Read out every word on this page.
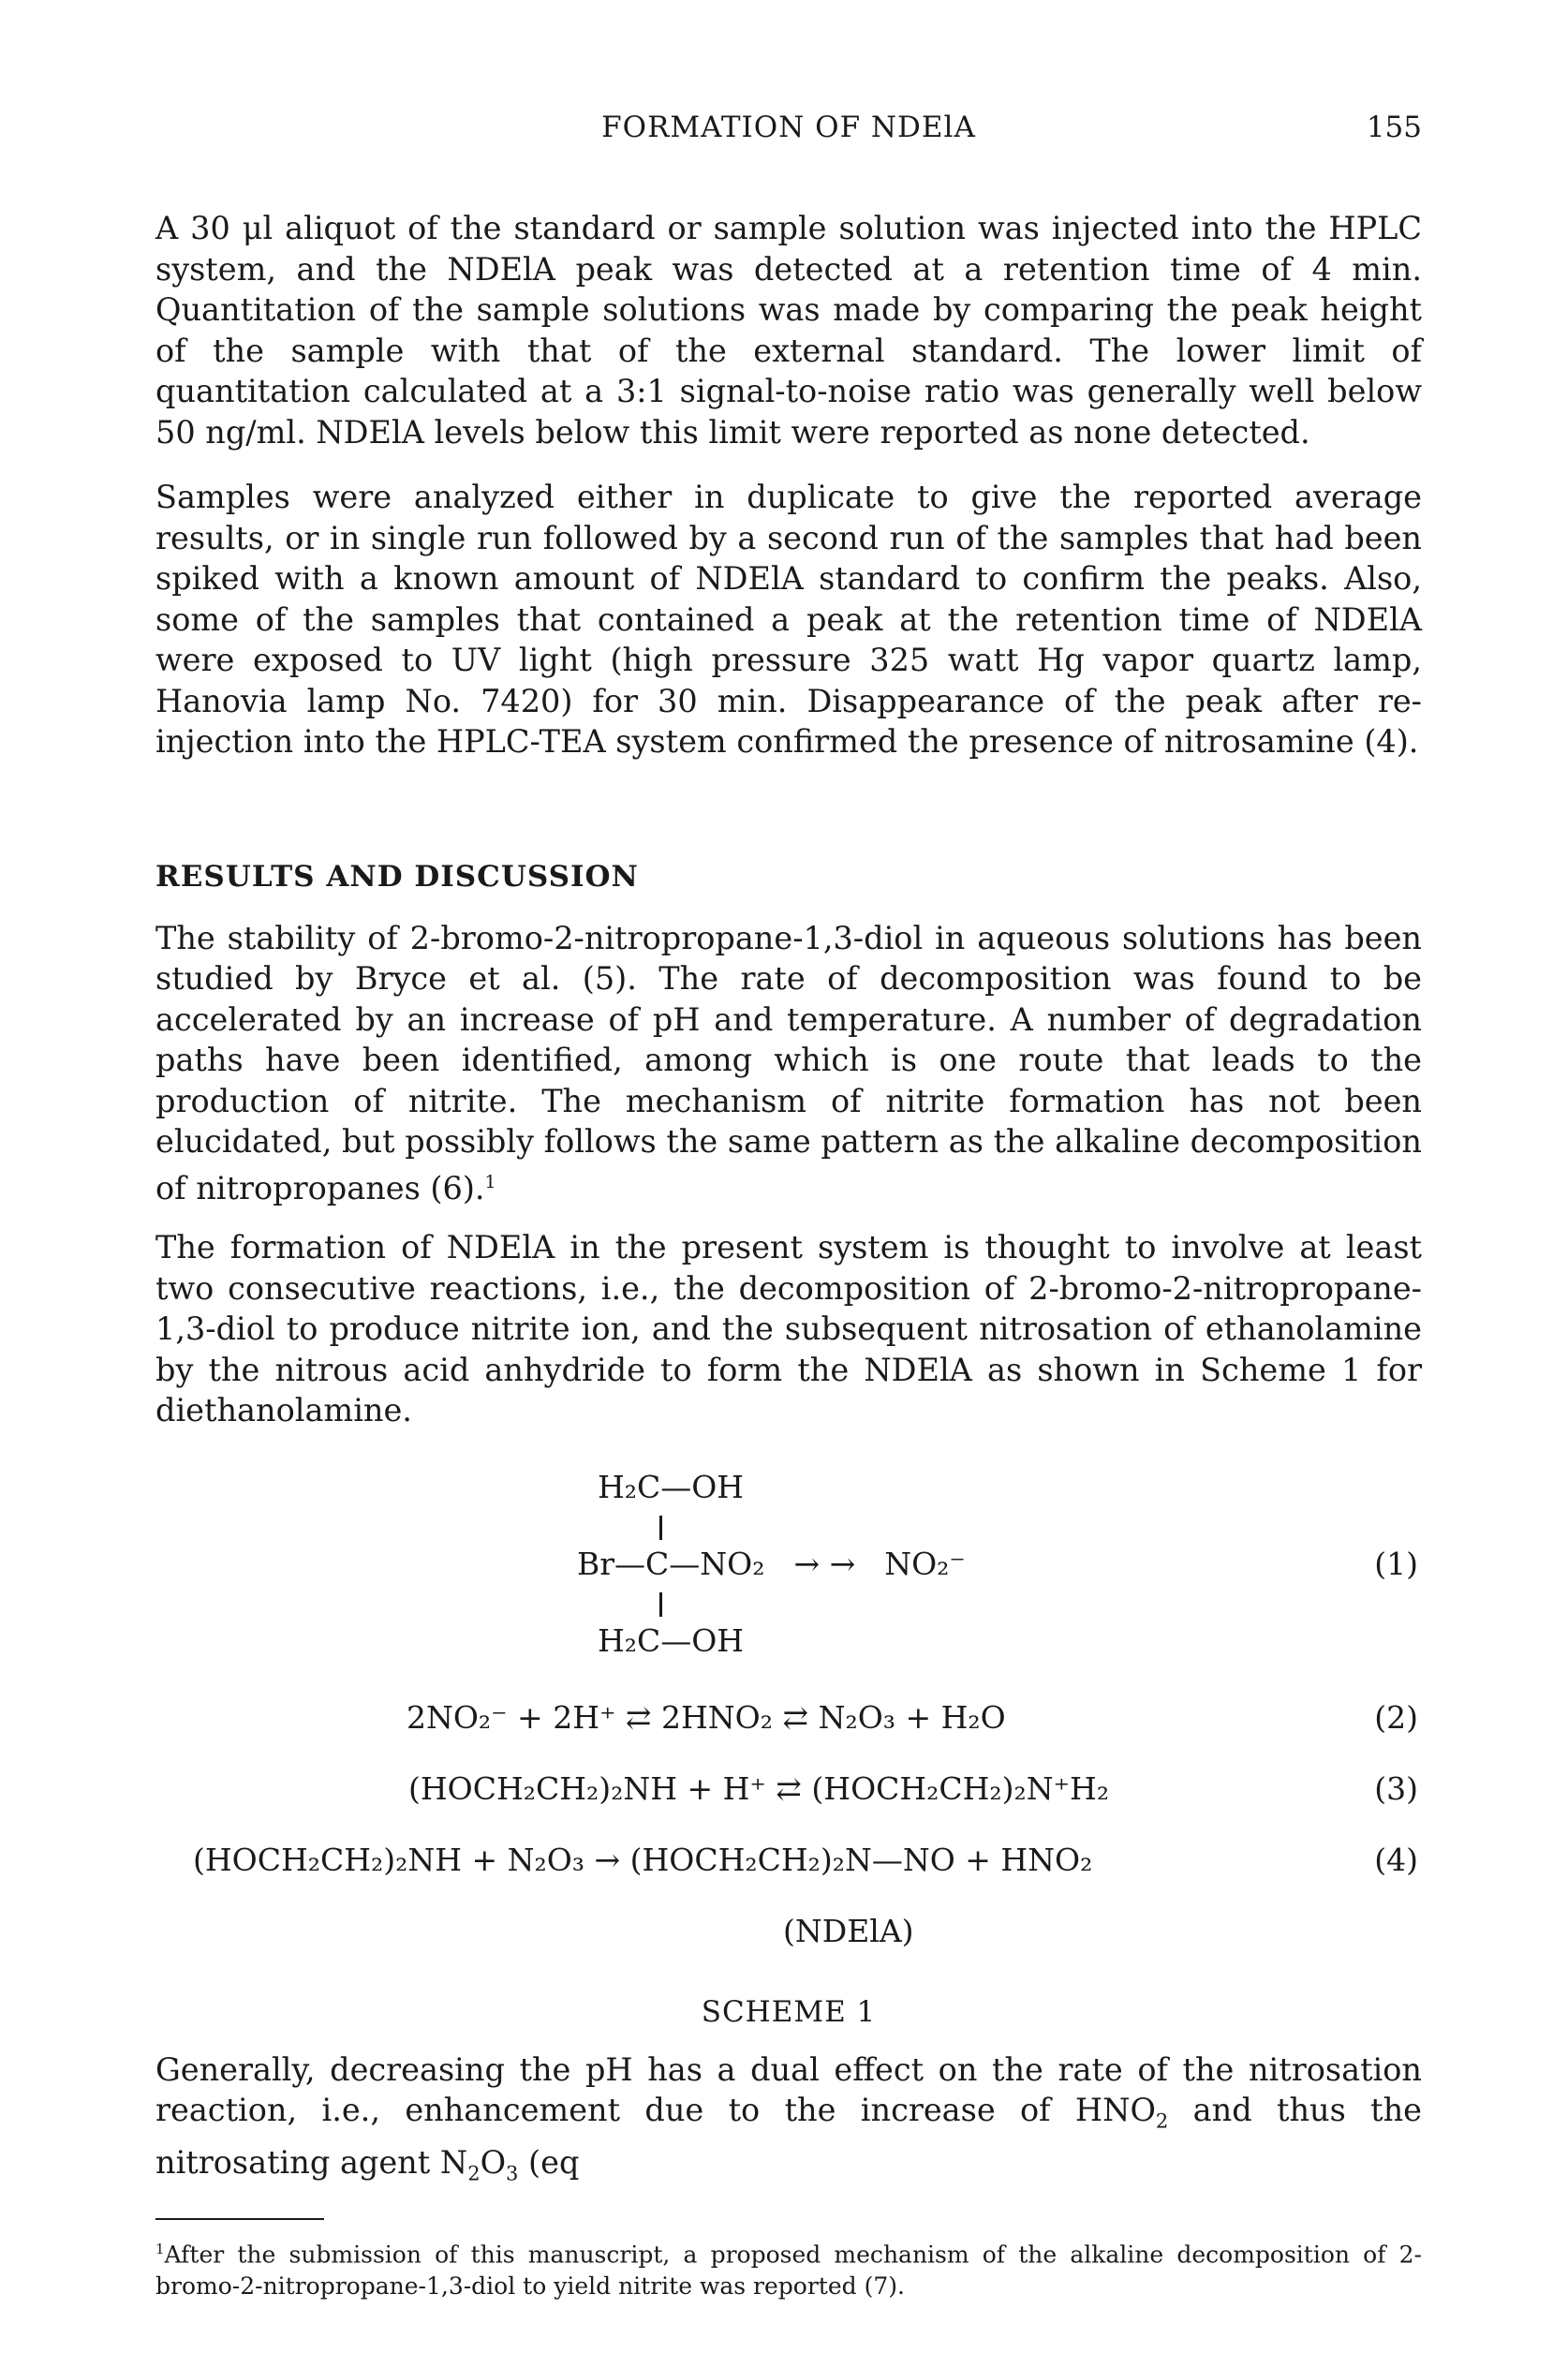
FORMATION OF NDElA	155

A 30 μl aliquot of the standard or sample solution was injected into the HPLC system, and the NDElA peak was detected at a retention time of 4 min. Quantitation of the sample solutions was made by comparing the peak height of the sample with that of the external standard. The lower limit of quantitation calculated at a 3:1 signal-to-noise ratio was generally well below 50 ng/ml. NDElA levels below this limit were reported as none detected.

Samples were analyzed either in duplicate to give the reported average results, or in single run followed by a second run of the samples that had been spiked with a known amount of NDElA standard to confirm the peaks. Also, some of the samples that contained a peak at the retention time of NDElA were exposed to UV light (high pressure 325 watt Hg vapor quartz lamp, Hanovia lamp No. 7420) for 30 min. Disappearance of the peak after re-injection into the HPLC-TEA system confirmed the presence of nitrosamine (4).

RESULTS AND DISCUSSION

The stability of 2-bromo-2-nitropropane-1,3-diol in aqueous solutions has been studied by Bryce et al. (5). The rate of decomposition was found to be accelerated by an increase of pH and temperature. A number of degradation paths have been identified, among which is one route that leads to the production of nitrite. The mechanism of nitrite formation has not been elucidated, but possibly follows the same pattern as the alkaline decomposition of nitropropanes (6).$^1$

The formation of NDElA in the present system is thought to involve at least two consecutive reactions, i.e., the decomposition of 2-bromo-2-nitropropane-1,3-diol to produce nitrite ion, and the subsequent nitrosation of ethanolamine by the nitrous acid anhydride to form the NDElA as shown in Scheme 1 for diethanolamine.

H₂C—OH
Br—C—NO₂ → → NO₂⁻	(1)
H₂C—OH
2NO₂⁻ + 2H⁺ ⇄ 2HNO₂ ⇄ N₂O₃ + H₂O	(2)
(HOCH₂CH₂)₂NH + H⁺ ⇄ (HOCH₂CH₂)₂N⁺H₂	(3)
(HOCH₂CH₂)₂NH + N₂O₃ → (HOCH₂CH₂)₂N—NO + HNO₂	(4)
(NDElA)
SCHEME 1

Generally, decreasing the pH has a dual effect on the rate of the nitrosation reaction, i.e., enhancement due to the increase of $HNO_2$ and thus the nitrosating agent $N_2O_3$ (eq

$^1$After the submission of this manuscript, a proposed mechanism of the alkaline decomposition of 2-bromo-2-nitropropane-1,3-diol to yield nitrite was reported (7).
